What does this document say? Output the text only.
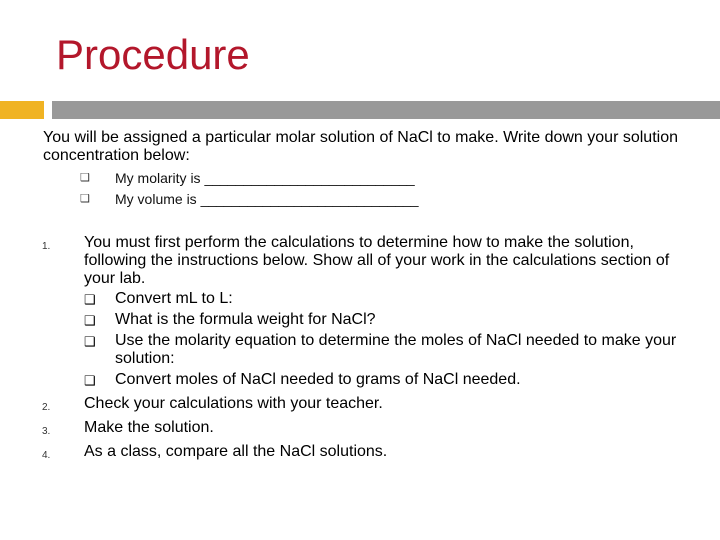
Procedure
You will be assigned a particular molar solution of NaCl to make. Write down your solution concentration below:
❑ My molarity is ___________________________
❑ My volume is ____________________________
1. You must first perform the calculations to determine how to make the solution, following the instructions below. Show all of your work in the calculations section of your lab.
❑ Convert mL to L:
❑ What is the formula weight for NaCl?
❑ Use the molarity equation to determine the moles of NaCl needed to make your solution:
❑ Convert moles of NaCl needed to grams of NaCl needed.
2. Check your calculations with your teacher.
3. Make the solution.
4. As a class, compare all the NaCl solutions.
